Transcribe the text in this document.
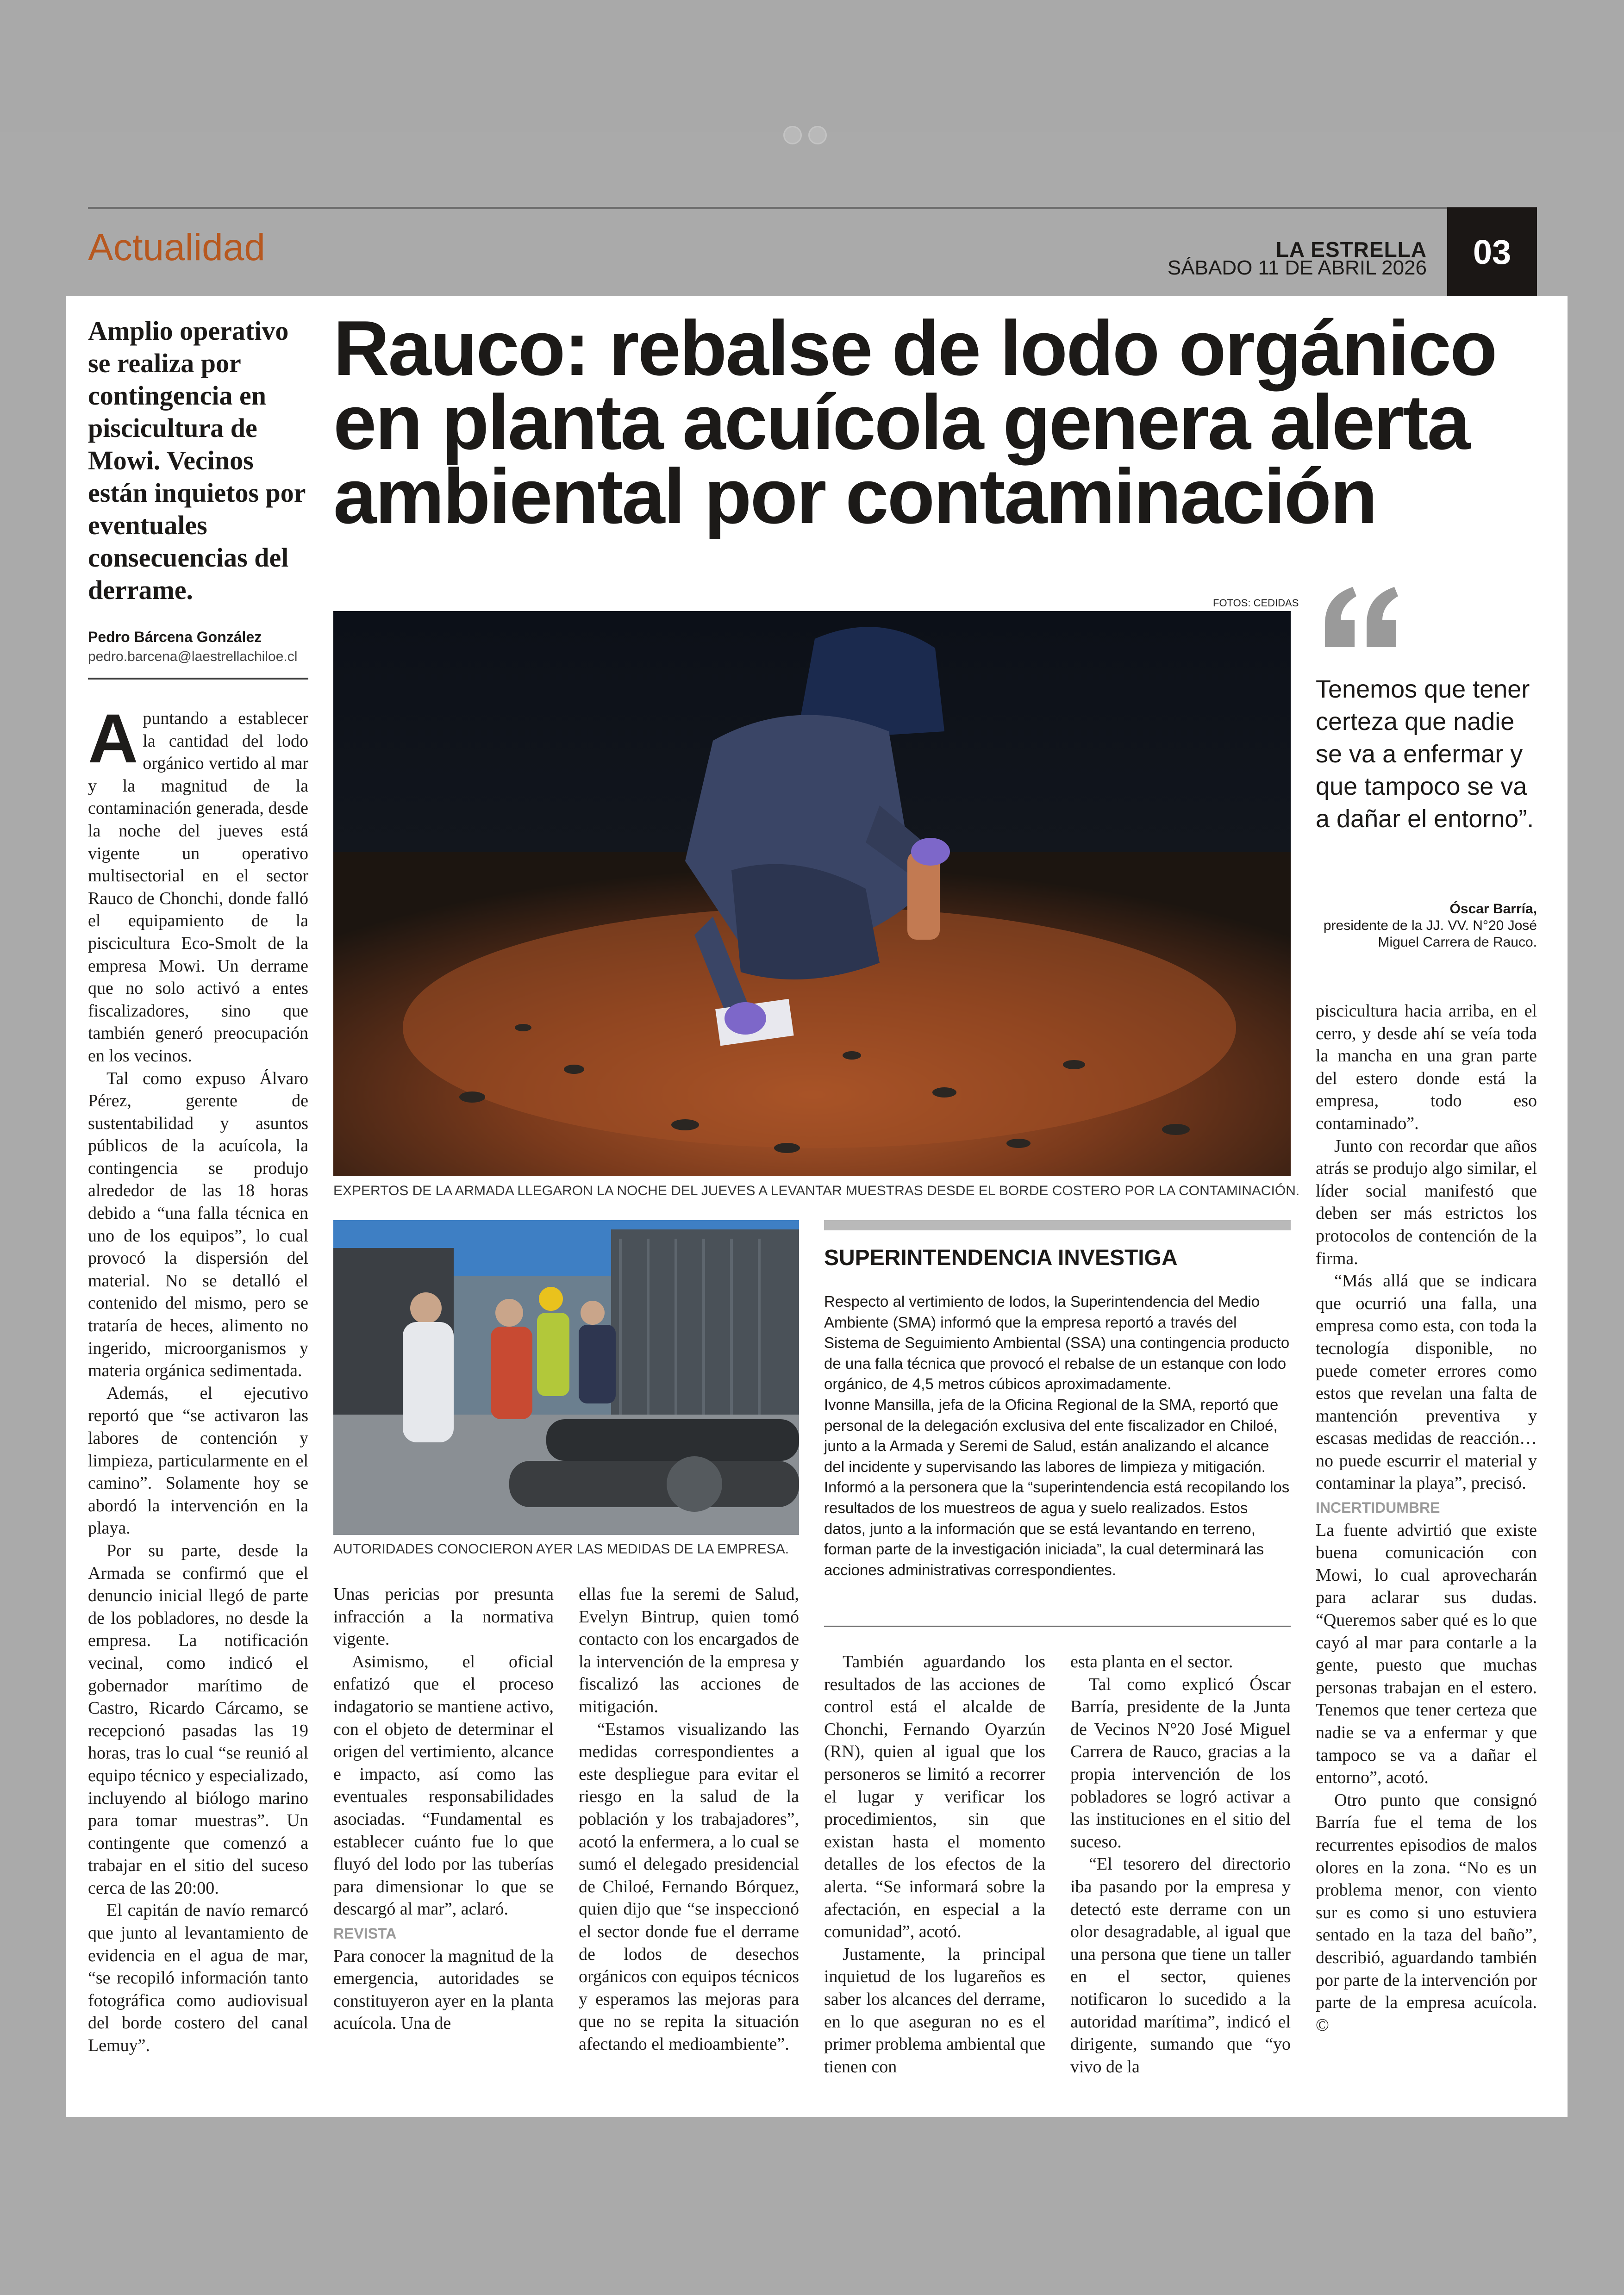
Actualidad	LA ESTRELLA
SÁBADO 11 DE ABRIL 2026	03
Amplio operativo se realiza por contingencia en piscicultura de Mowi. Vecinos están inquietos por eventuales consecuencias del derrame.
Pedro Bárcena González
pedro.barcena@laestrellachiloe.cl
Rauco: rebalse de lodo orgánico en planta acuícola genera alerta ambiental por contaminación
FOTOS: CEDIDAS
EXPERTOS DE LA ARMADA LLEGARON LA NOCHE DEL JUEVES A LEVANTAR MUESTRAS DESDE EL BORDE COSTERO POR LA CONTAMINACIÓN.
AUTORIDADES CONOCIERON AYER LAS MEDIDAS DE LA EMPRESA.

Apuntando a establecer la cantidad del lodo orgánico vertido al mar y la magnitud de la contaminación generada, desde la noche del jueves está vigente un operativo multisectorial en el sector Rauco de Chonchi, donde falló el equipamiento de la piscicultura Eco-Smolt de la empresa Mowi. Un derrame que no solo activó a entes fiscalizadores, sino que también generó preocupación en los vecinos.

Tal como expuso Álvaro Pérez, gerente de sustentabilidad y asuntos públicos de la acuícola, la contingencia se produjo alrededor de las 18 horas debido a “una falla técnica en uno de los equipos”, lo cual provocó la dispersión del material. No se detalló el contenido del mismo, pero se trataría de heces, alimento no ingerido, microorganismos y materia orgánica sedimentada.

Además, el ejecutivo reportó que “se activaron las labores de contención y limpieza, particularmente en el camino”. Solamente hoy se abordó la intervención en la playa.

Por su parte, desde la Armada se confirmó que el denuncio inicial llegó de parte de los pobladores, no desde la empresa. La notificación vecinal, como indicó el gobernador marítimo de Castro, Ricardo Cárcamo, se recepcionó pasadas las 19 horas, tras lo cual “se reunió al equipo técnico y especializado, incluyendo al biólogo marino para tomar muestras”. Un contingente que comenzó a trabajar en el sitio del suceso cerca de las 20:00.

El capitán de navío remarcó que junto al levantamiento de evidencia en el agua de mar, “se recopiló información tanto fotográfica como audiovisual del borde costero del canal Lemuy”.

Unas pericias por presunta infracción a la normativa vigente.

Asimismo, el oficial enfatizó que el proceso indagatorio se mantiene activo, con el objeto de determinar el origen del vertimiento, alcance e impacto, así como las eventuales responsabilidades asociadas. “Fundamental es establecer cuánto fue lo que fluyó del lodo por las tuberías para dimensionar lo que se descargó al mar”, aclaró.

REVISTA

Para conocer la magnitud de la emergencia, autoridades se constituyeron ayer en la planta acuícola. Una de

ellas fue la seremi de Salud, Evelyn Bintrup, quien tomó contacto con los encargados de la intervención de la empresa y fiscalizó las acciones de mitigación.

“Estamos visualizando las medidas correspondientes a este despliegue para evitar el riesgo en la salud de la población y los trabajadores”, acotó la enfermera, a lo cual se sumó el delegado presidencial de Chiloé, Fernando Bórquez, quien dijo que “se inspeccionó el sector donde fue el derrame de lodos de desechos orgánicos con equipos técnicos y esperamos las mejoras para que no se repita la situación afectando el medioambiente”.

SUPERINTENDENCIA INVESTIGA

Respecto al vertimiento de lodos, la Superintendencia del Medio Ambiente (SMA) informó que la empresa reportó a través del Sistema de Seguimiento Ambiental (SSA) una contingencia producto de una falla técnica que provocó el rebalse de un estanque con lodo orgánico, de 4,5 metros cúbicos aproximadamente.

Ivonne Mansilla, jefa de la Oficina Regional de la SMA, reportó que personal de la delegación exclusiva del ente fiscalizador en Chiloé, junto a la Armada y Seremi de Salud, están analizando el alcance del incidente y supervisando las labores de limpieza y mitigación. Informó a la personera que la “superintendencia está recopilando los resultados de los muestreos de agua y suelo realizados. Estos datos, junto a la información que se está levantando en terreno, forman parte de la investigación iniciada”, la cual determinará las acciones administrativas correspondientes.

También aguardando los resultados de las acciones de control está el alcalde de Chonchi, Fernando Oyarzún (RN), quien al igual que los personeros se limitó a recorrer el lugar y verificar los procedimientos, sin que existan hasta el momento detalles de los efectos de la alerta. “Se informará sobre la afectación, en especial a la comunidad”, acotó.

Justamente, la principal inquietud de los lugareños es saber los alcances del derrame, en lo que aseguran no es el primer problema ambiental que tienen con

esta planta en el sector.

Tal como explicó Óscar Barría, presidente de la Junta de Vecinos N°20 José Miguel Carrera de Rauco, gracias a la propia intervención de los pobladores se logró activar a las instituciones en el sitio del suceso.

“El tesorero del directorio iba pasando por la empresa y detectó este derrame con un olor desagradable, al igual que una persona que tiene un taller en el sector, quienes notificaron lo sucedido a la autoridad marítima”, indicó el dirigente, sumando que “yo vivo de la

Tenemos que tener certeza que nadie se va a enfermar y que tampoco se va a dañar el entorno”.
Óscar Barría,
presidente de la JJ. VV. N°20 José Miguel Carrera de Rauco.

piscicultura hacia arriba, en el cerro, y desde ahí se veía toda la mancha en una gran parte del estero donde está la empresa, todo eso contaminado”.

Junto con recordar que años atrás se produjo algo similar, el líder social manifestó que deben ser más estrictos los protocolos de contención de la firma.

“Más allá que se indicara que ocurrió una falla, una empresa como esta, con toda la tecnología disponible, no puede cometer errores como estos que revelan una falta de mantención preventiva y escasas medidas de reacción… no puede escurrir el material y contaminar la playa”, precisó.

INCERTIDUMBRE

La fuente advirtió que existe buena comunicación con Mowi, lo cual aprovecharán para aclarar sus dudas. “Queremos saber qué es lo que cayó al mar para contarle a la gente, puesto que muchas personas trabajan en el estero. Tenemos que tener certeza que nadie se va a enfermar y que tampoco se va a dañar el entorno”, acotó.

Otro punto que consignó Barría fue el tema de los recurrentes episodios de malos olores en la zona. “No es un problema menor, con viento sur es como si uno estuviera sentado en la taza del baño”, describió, aguardando también por parte de la intervención por parte de la empresa acuícola. ©
